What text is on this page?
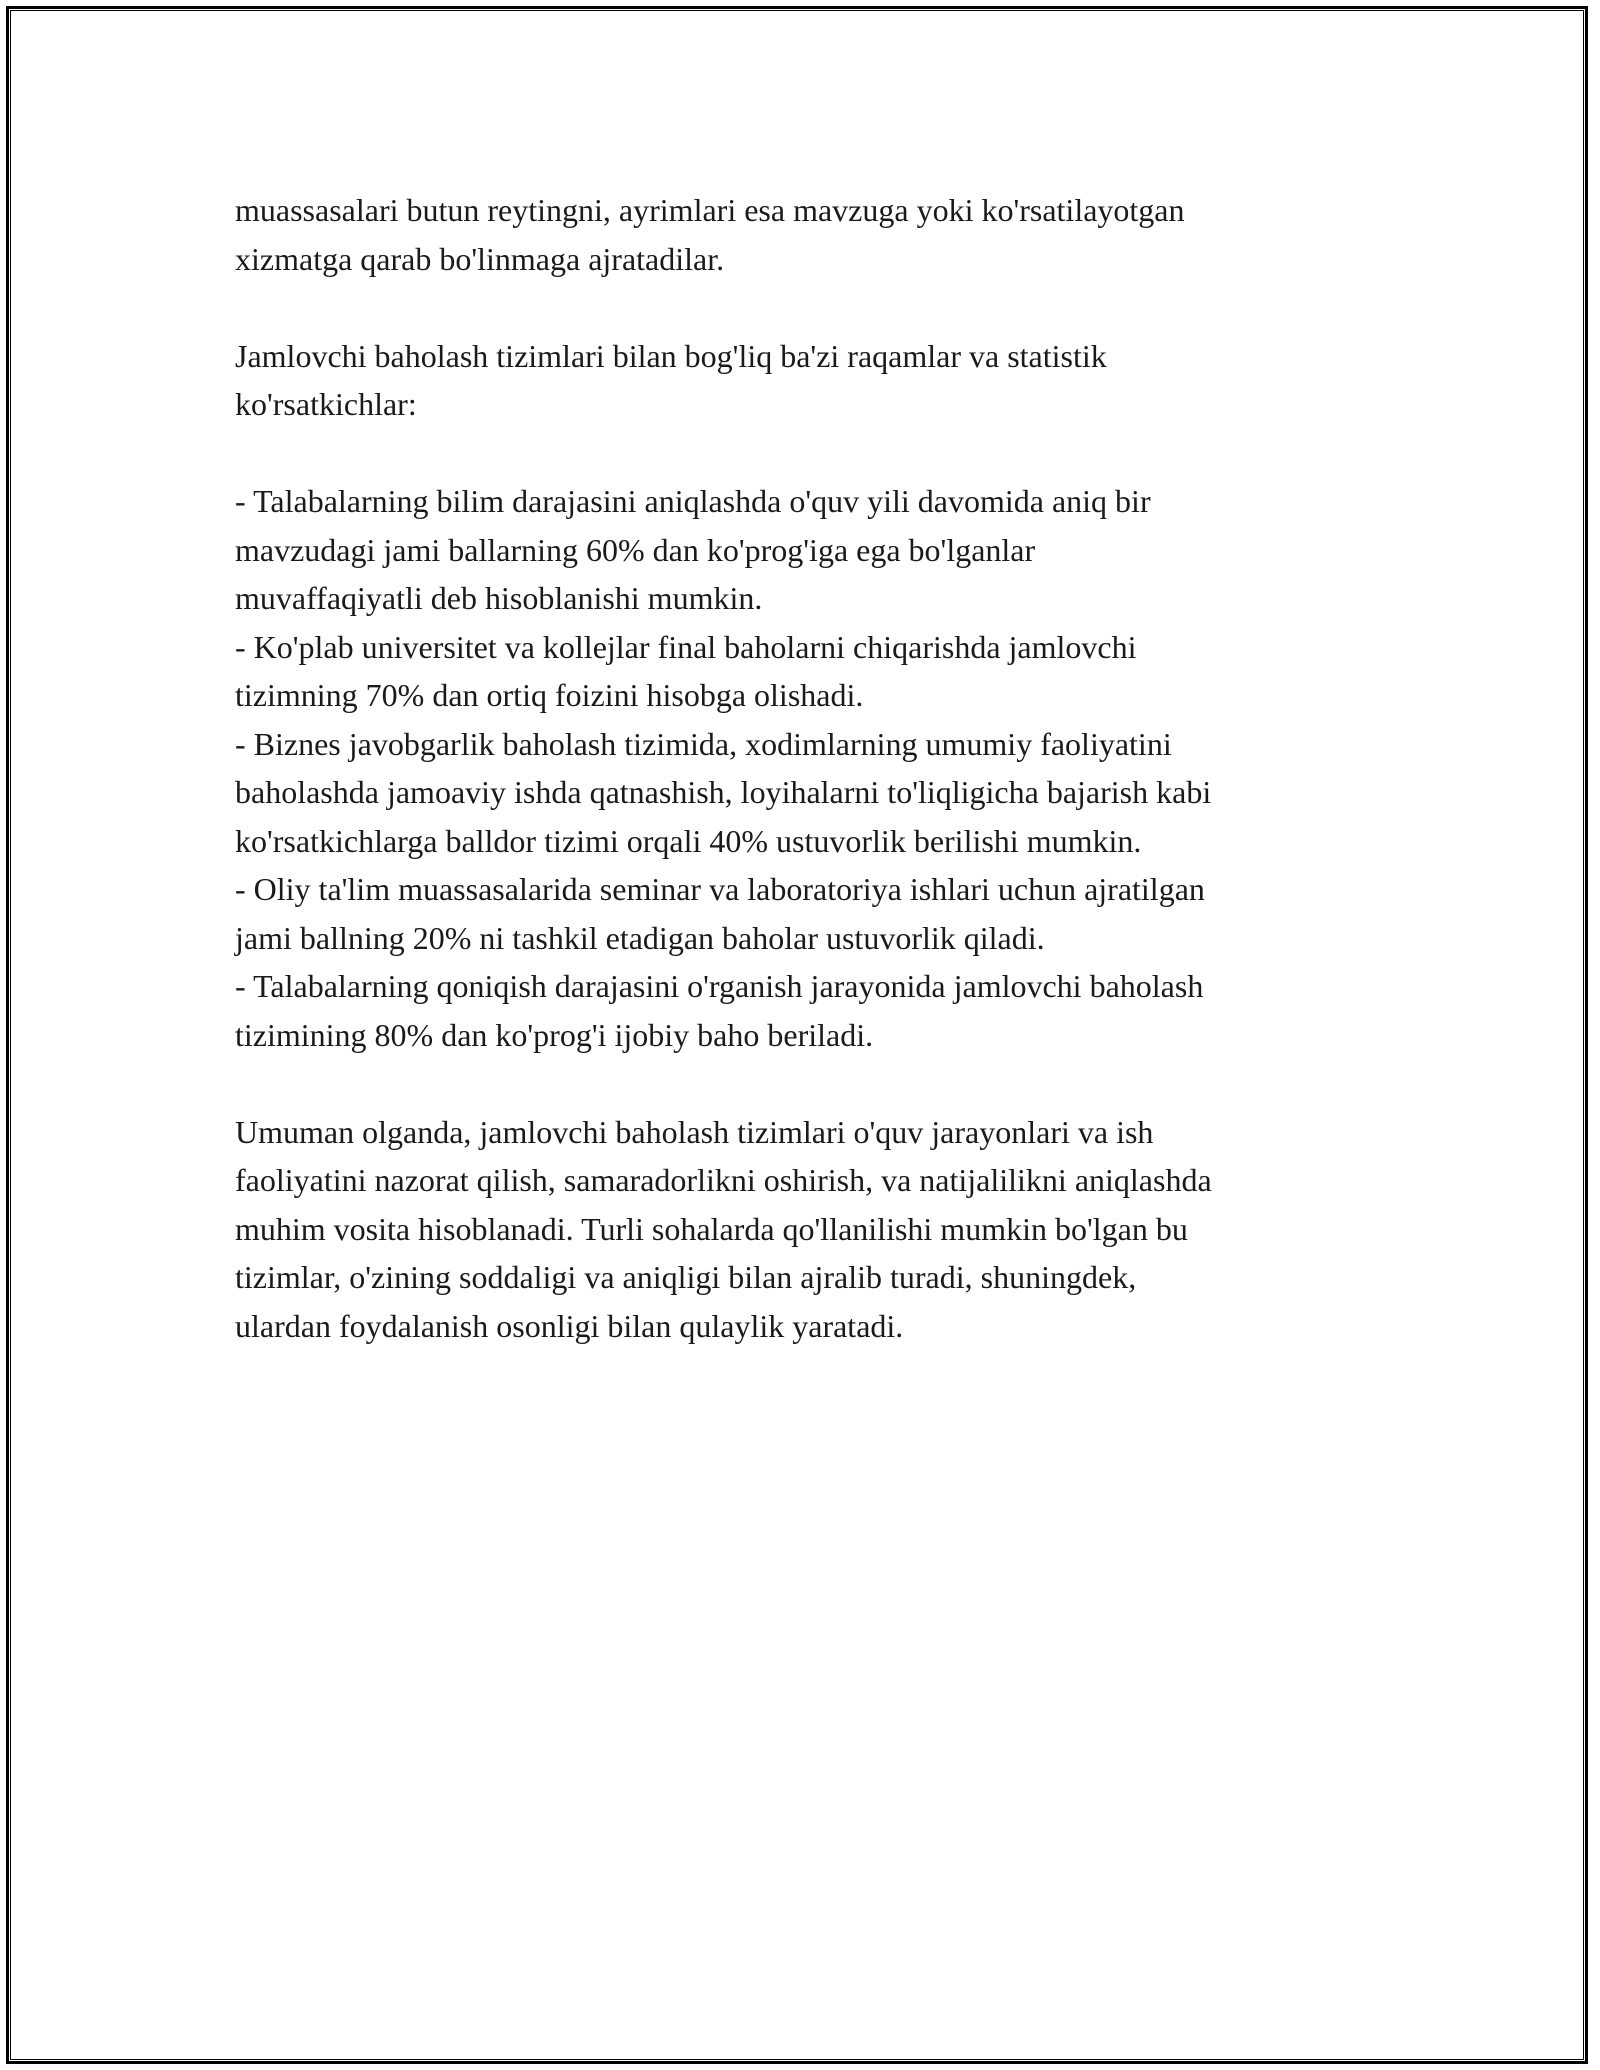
muassasalari butun reytingni, ayrimlari esa mavzuga yoki ko'rsatilayotgan

xizmatga qarab bo'linmaga ajratadilar.

Jamlovchi baholash tizimlari bilan bog'liq ba'zi raqamlar va statistik

ko'rsatkichlar:

- Talabalarning bilim darajasini aniqlashda o'quv yili davomida aniq bir

mavzudagi jami ballarning 60% dan ko'prog'iga ega bo'lganlar

muvaffaqiyatli deb hisoblanishi mumkin.

- Ko'plab universitet va kollejlar final baholarni chiqarishda jamlovchi

tizimning 70% dan ortiq foizini hisobga olishadi.

- Biznes javobgarlik baholash tizimida, xodimlarning umumiy faoliyatini

baholashda jamoaviy ishda qatnashish, loyihalarni to'liqligicha bajarish kabi

ko'rsatkichlarga balldor tizimi orqali 40% ustuvorlik berilishi mumkin.

- Oliy ta'lim muassasalarida seminar va laboratoriya ishlari uchun ajratilgan

jami ballning 20% ni tashkil etadigan baholar ustuvorlik qiladi.

- Talabalarning qoniqish darajasini o'rganish jarayonida jamlovchi baholash

tizimining 80% dan ko'prog'i ijobiy baho beriladi.

Umuman olganda, jamlovchi baholash tizimlari o'quv jarayonlari va ish

faoliyatini nazorat qilish, samaradorlikni oshirish, va natijalilikni aniqlashda

muhim vosita hisoblanadi. Turli sohalarda qo'llanilishi mumkin bo'lgan bu

tizimlar, o'zining soddaligi va aniqligi bilan ajralib turadi, shuningdek,

ulardan foydalanish osonligi bilan qulaylik yaratadi.
